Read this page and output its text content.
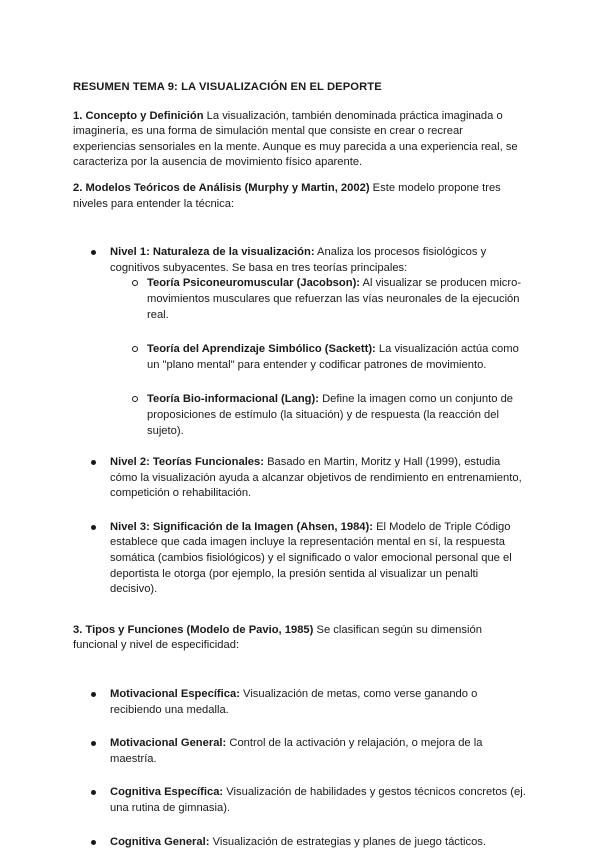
RESUMEN TEMA 9: LA VISUALIZACIÓN EN EL DEPORTE

1. Concepto y Definición La visualización, también denominada práctica imaginada o imaginería, es una forma de simulación mental que consiste en crear o recrear experiencias sensoriales en la mente. Aunque es muy parecida a una experiencia real, se caracteriza por la ausencia de movimiento físico aparente.

2. Modelos Teóricos de Análisis (Murphy y Martin, 2002) Este modelo propone tres niveles para entender la técnica:

Nivel 1: Naturaleza de la visualización: Analiza los procesos fisiológicos y cognitivos subyacentes. Se basa en tres teorías principales:
Teoría Psiconeuromuscular (Jacobson): Al visualizar se producen micro-movimientos musculares que refuerzan las vías neuronales de la ejecución real.
Teoría del Aprendizaje Simbólico (Sackett): La visualización actúa como un "plano mental" para entender y codificar patrones de movimiento.
Teoría Bio-informacional (Lang): Define la imagen como un conjunto de proposiciones de estímulo (la situación) y de respuesta (la reacción del sujeto).
Nivel 2: Teorías Funcionales: Basado en Martin, Moritz y Hall (1999), estudia cómo la visualización ayuda a alcanzar objetivos de rendimiento en entrenamiento, competición o rehabilitación.
Nivel 3: Significación de la Imagen (Ahsen, 1984): El Modelo de Triple Código establece que cada imagen incluye la representación mental en sí, la respuesta somática (cambios fisiológicos) y el significado o valor emocional personal que el deportista le otorga (por ejemplo, la presión sentida al visualizar un penalti decisivo).

3. Tipos y Funciones (Modelo de Pavio, 1985) Se clasifican según su dimensión funcional y nivel de especificidad:

Motivacional Específica: Visualización de metas, como verse ganando o recibiendo una medalla.
Motivacional General: Control de la activación y relajación, o mejora de la maestría.
Cognitiva Específica: Visualización de habilidades y gestos técnicos concretos (ej. una rutina de gimnasia).
Cognitiva General: Visualización de estrategias y planes de juego tácticos.
